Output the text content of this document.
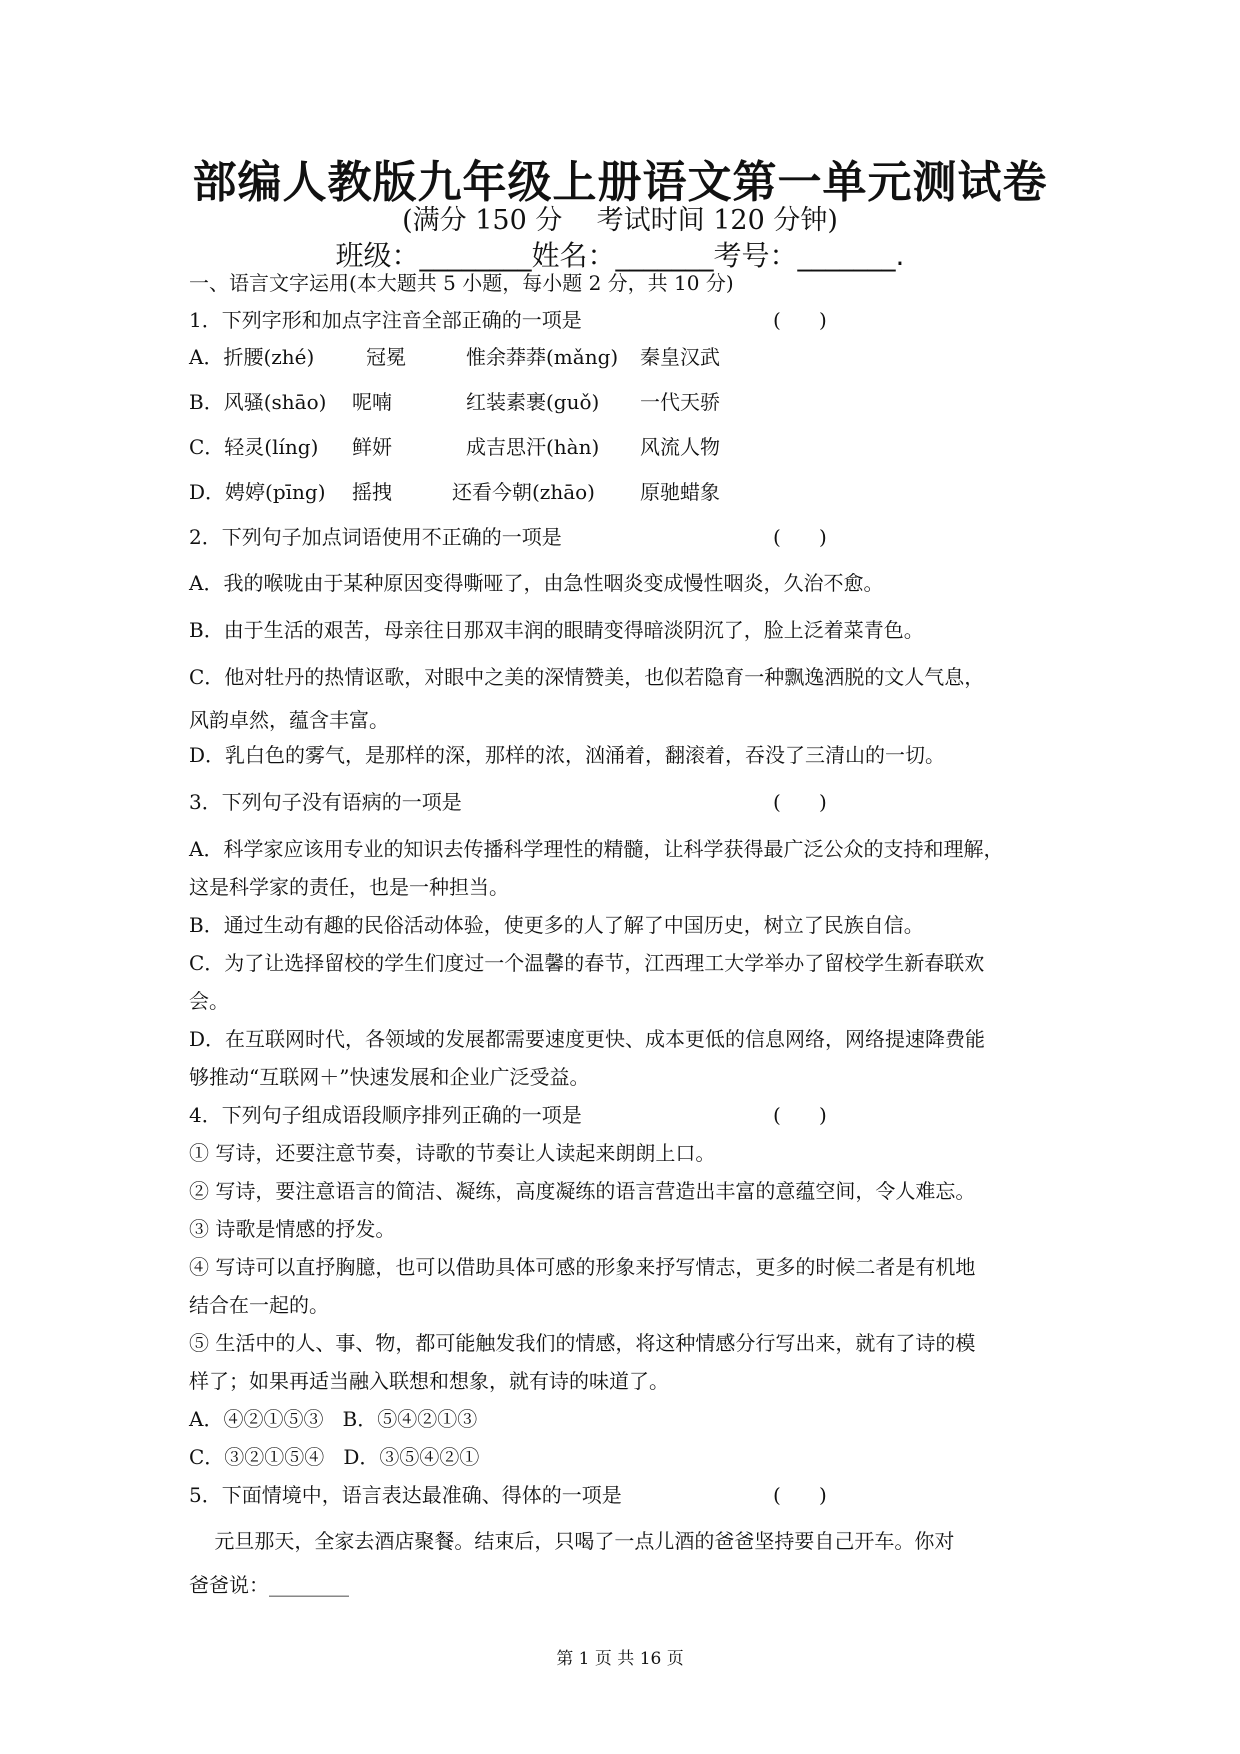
部编人教版九年级上册语文第一单元测试卷
(满分 150 分    考试时间 120 分钟)
班级：________姓名：_______考号：_______.
一、语言文字运用(本大题共 5 小题，每小题 2 分，共 10 分)
1．下列字形和加点字注音全部正确的一项是	(      )
A．折腰(zhé)	冠冕	惟余莽莽(mǎng) 秦皇汉武
B．风骚(shāo) 呢喃	红装素裹(guǒ) 一代天骄
C．轻灵(líng) 鲜妍	成吉思汗(hàn) 风流人物
D．娉婷(pīng) 摇拽	还看今朝(zhāo) 原驰蜡象
2．下列句子加点词语使用不正确的一项是	(      )
A．我的喉咙由于某种原因变得嘶哑了，由急性咽炎变成慢性咽炎，久治不愈。
B．由于生活的艰苦，母亲往日那双丰润的眼睛变得暗淡阴沉了，脸上泛着菜青色。
C．他对牡丹的热情讴歌，对眼中之美的深情赞美，也似若隐育一种飘逸洒脱的文人气息，
风韵卓然，蕴含丰富。
D．乳白色的雾气，是那样的深，那样的浓，汹涌着，翻滚着，吞没了三清山的一切。
3．下列句子没有语病的一项是	(      )
A．科学家应该用专业的知识去传播科学理性的精髓，让科学获得最广泛公众的支持和理解，
这是科学家的责任，也是一种担当。
B．通过生动有趣的民俗活动体验，使更多的人了解了中国历史，树立了民族自信。
C．为了让选择留校的学生们度过一个温馨的春节，江西理工大学举办了留校学生新春联欢
会。
D．在互联网时代，各领域的发展都需要速度更快、成本更低的信息网络，网络提速降费能
够推动“互联网＋”快速发展和企业广泛受益。
4．下列句子组成语段顺序排列正确的一项是	(      )
① 写诗，还要注意节奏，诗歌的节奏让人读起来朗朗上口。
② 写诗，要注意语言的简洁、凝练，高度凝练的语言营造出丰富的意蕴空间，令人难忘。
③ 诗歌是情感的抒发。
④ 写诗可以直抒胸臆，也可以借助具体可感的形象来抒写情志，更多的时候二者是有机地
结合在一起的。
⑤ 生活中的人、事、物，都可能触发我们的情感，将这种情感分行写出来，就有了诗的模
样了；如果再适当融入联想和想象，就有诗的味道了。
A．④②①⑤③   B．⑤④②①③
C．③②①⑤④   D．③⑤④②①
5．下面情境中，语言表达最准确、得体的一项是	(      )
元旦那天，全家去酒店聚餐。结束后，只喝了一点儿酒的爸爸坚持要自己开车。你对
爸爸说：________
第 1 页 共 16 页
